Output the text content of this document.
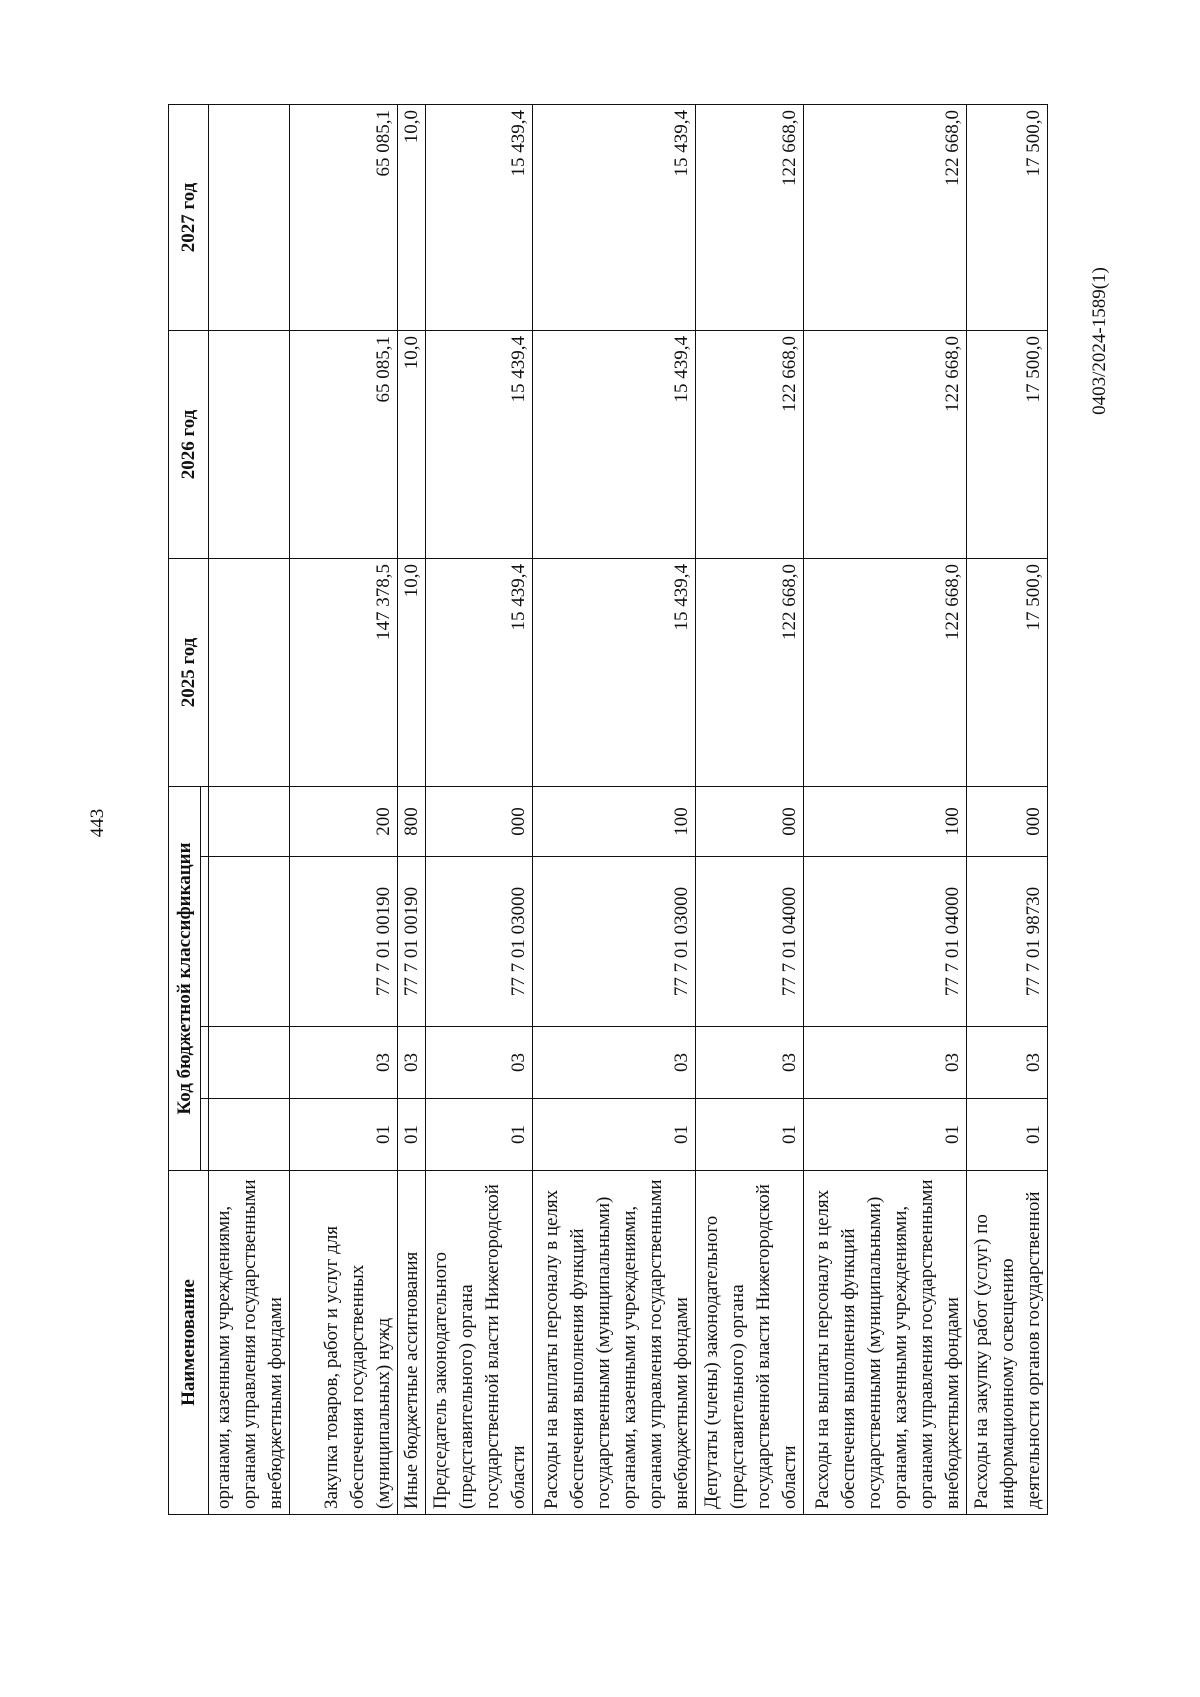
443
0403/2024-1589(1)
Наименование	Код бюджетной классификации				2025 год	2026 год	2027 год

органами, казенными учреждениями, органами управления государственными внебюджетными фондами							
Закупка товаров, работ и услуг для обеспечения государственных (муниципальных) нужд	01	03	77 7 01 00190	200	147 378,5	65 085,1	65 085,1
Иные бюджетные ассигнования	01	03	77 7 01 00190	800	10,0	10,0	10,0
Председатель законодательного (представительного) органа государственной власти Нижегородской области	01	03	77 7 01 03000	000	15 439,4	15 439,4	15 439,4
Расходы на выплаты персоналу в целях обеспечения выполнения функций государственными (муниципальными) органами, казенными учреждениями, органами управления государственными внебюджетными фондами	01	03	77 7 01 03000	100	15 439,4	15 439,4	15 439,4
Депутаты (члены) законодательного (представительного) органа государственной власти Нижегородской области	01	03	77 7 01 04000	000	122 668,0	122 668,0	122 668,0
Расходы на выплаты персоналу в целях обеспечения выполнения функций государственными (муниципальными) органами, казенными учреждениями, органами управления государственными внебюджетными фондами	01	03	77 7 01 04000	100	122 668,0	122 668,0	122 668,0
Расходы на закупку работ (услуг) по информационному освещению деятельности органов государственной	01	03	77 7 01 98730	000	17 500,0	17 500,0	17 500,0
